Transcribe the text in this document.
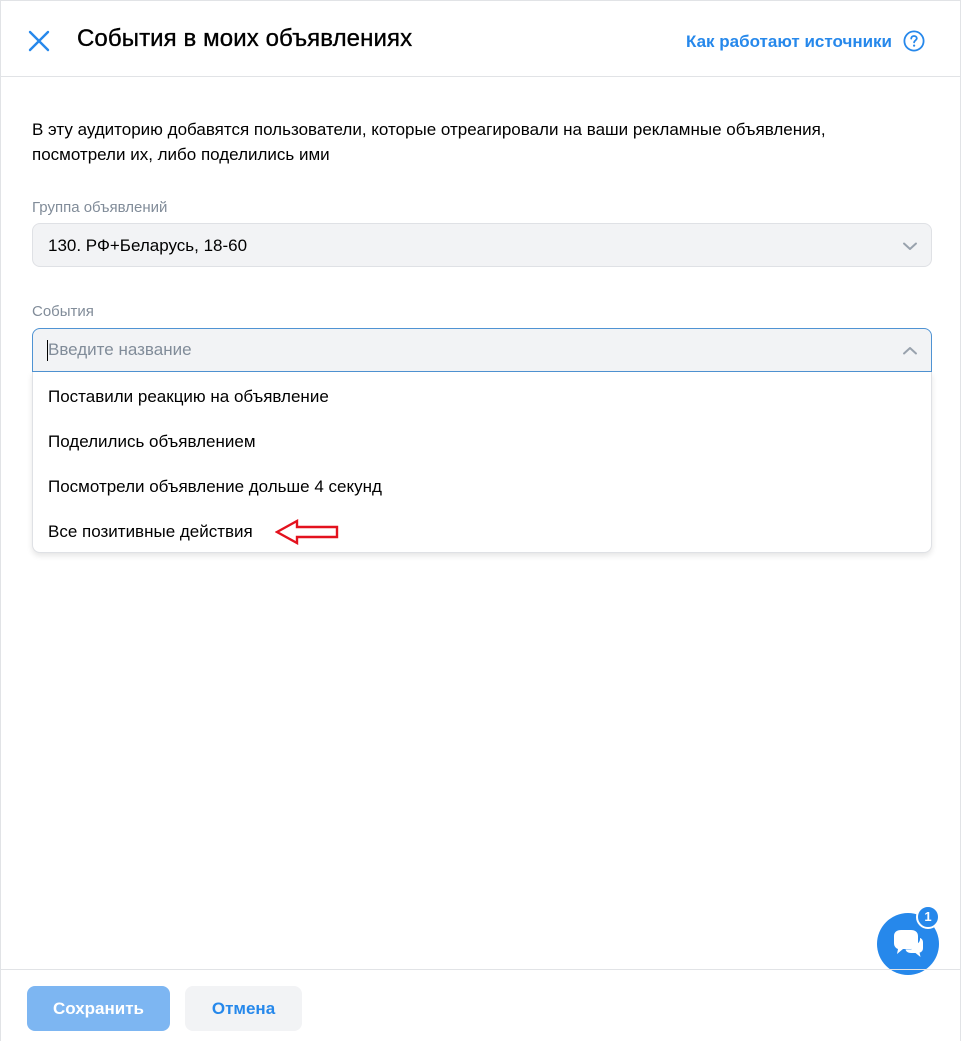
События в моих объявлениях	Как работают источники
В эту аудиторию добавятся пользователи, которые отреагировали на ваши рекламные объявления, посмотрели их, либо поделились ими
Группа объявлений
130. РФ+Беларусь, 18-60
События
Введите название
Поставили реакцию на объявление
Поделились объявлением
Посмотрели объявление дольше 4 секунд
Все позитивные действия
1
Сохранить	Отмена
